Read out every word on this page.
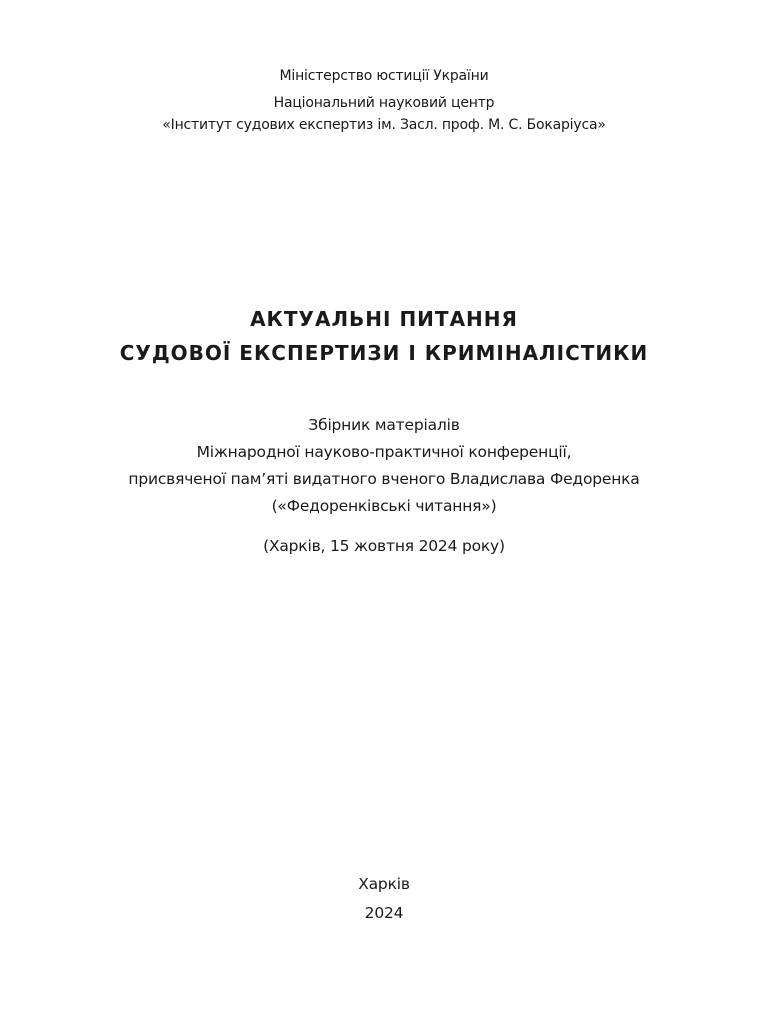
Міністерство юстиції України
Національний науковий центр
«Інститут судових експертиз ім. Засл. проф. М. С. Бокаріуса»
АКТУАЛЬНІ ПИТАННЯ
СУДОВОЇ ЕКСПЕРТИЗИ І КРИМІНАЛІСТИКИ
Збірник матеріалів
Міжнародної науково-практичної конференції,
присвяченої пам’яті видатного вченого Владислава Федоренка
(«Федоренківські читання»)
(Харків, 15 жовтня 2024 року)
Харків
2024
